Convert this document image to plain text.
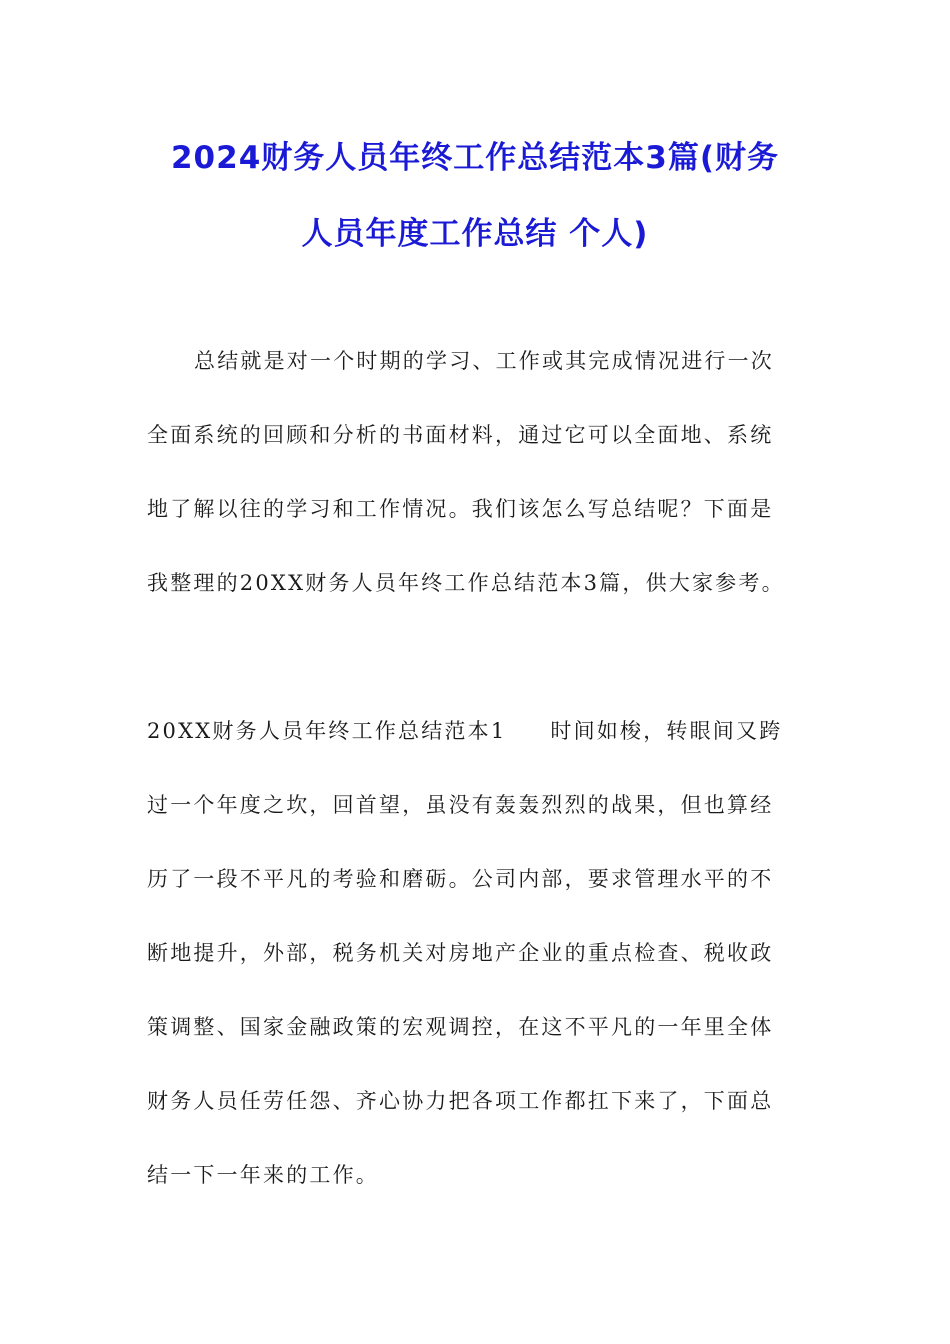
2024财务人员年终工作总结范本3篇(财务
人员年度工作总结 个人)

总结就是对一个时期的学习、工作或其完成情况进行一次

全面系统的回顾和分析的书面材料，通过它可以全面地、系统

地了解以往的学习和工作情况。我们该怎么写总结呢？下面是

我整理的20XX财务人员年终工作总结范本3篇，供大家参考。

20XX财务人员年终工作总结范本1 时间如梭，转眼间又跨

过一个年度之坎，回首望，虽没有轰轰烈烈的战果，但也算经

历了一段不平凡的考验和磨砺。公司内部，要求管理水平的不

断地提升，外部，税务机关对房地产企业的重点检查、税收政

策调整、国家金融政策的宏观调控，在这不平凡的一年里全体

财务人员任劳任怨、齐心协力把各项工作都扛下来了，下面总

结一下一年来的工作。
